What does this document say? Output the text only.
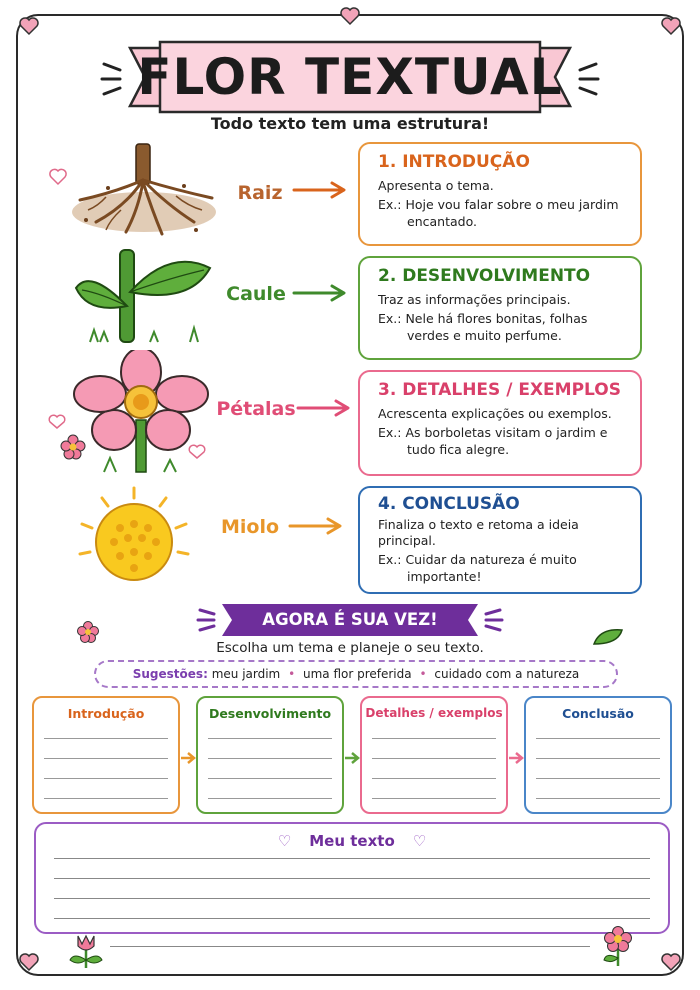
FLOR TEXTUAL
Todo texto tem uma estrutura!
Raiz
Caule
Pétalas
Miolo
1. INTRODUÇÃO
Apresenta o tema.
Ex.: Hoje vou falar sobre o meu jardim encantado.
2. DESENVOLVIMENTO
Traz as informações principais.
Ex.: Nele há flores bonitas, folhas verdes e muito perfume.
3. DETALHES / EXEMPLOS
Acrescenta explicações ou exemplos.
Ex.: As borboletas visitam o jardim e tudo fica alegre.
4. CONCLUSÃO
Finaliza o texto e retoma a ideia principal.
Ex.: Cuidar da natureza é muito importante!
AGORA É SUA VEZ!
Escolha um tema e planeje o seu texto.
Sugestões: meu jardim • uma flor preferida • cuidado com a natureza
Introdução	Desenvolvimento	Detalhes / exemplos	Conclusão
♡ Meu texto ♡
